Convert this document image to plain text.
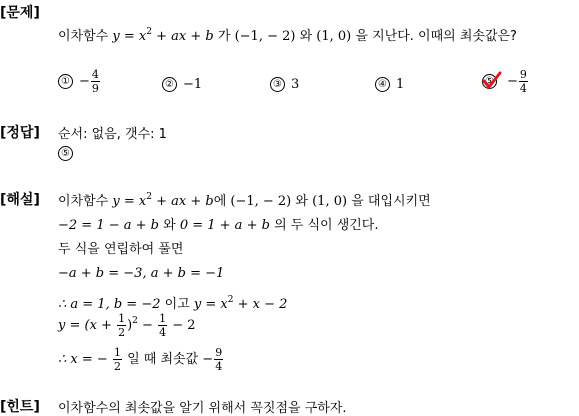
[문제]
이차함수 $y = x^2$ + ax + b 가 (−1, − 2) 와 (1, 0) 을 지난다. 이때의 최솟값은?
① − $\frac{4}{9}$	② −1	③ 3	④ 1	⑤ − $\frac{9}{4}$
[정답] 순서: 없음, 갯수: 1
⑤
[해설] 이차함수 $y = x^2$ + ax + b에 (−1, − 2) 와 (1, 0) 을 대입시키면
−2 = 1 − a + b 와 0 = 1 + a + b 의 두 식이 생긴다.
두 식을 연립하여 풀면
−a + b = −3, a + b = −1
∴ a = 1, b = −2 이고 $y = x^2 + x - 2$
$y = (x + \frac{1}{2} )^2 - \frac{1}{4} - 2$
∴ x = − $\frac{1}{2}$ 일 때 최솟값 − $\frac{9}{4}$
[힌트] 이차함수의 최솟값을 알기 위해서 꼭짓점을 구하자.
